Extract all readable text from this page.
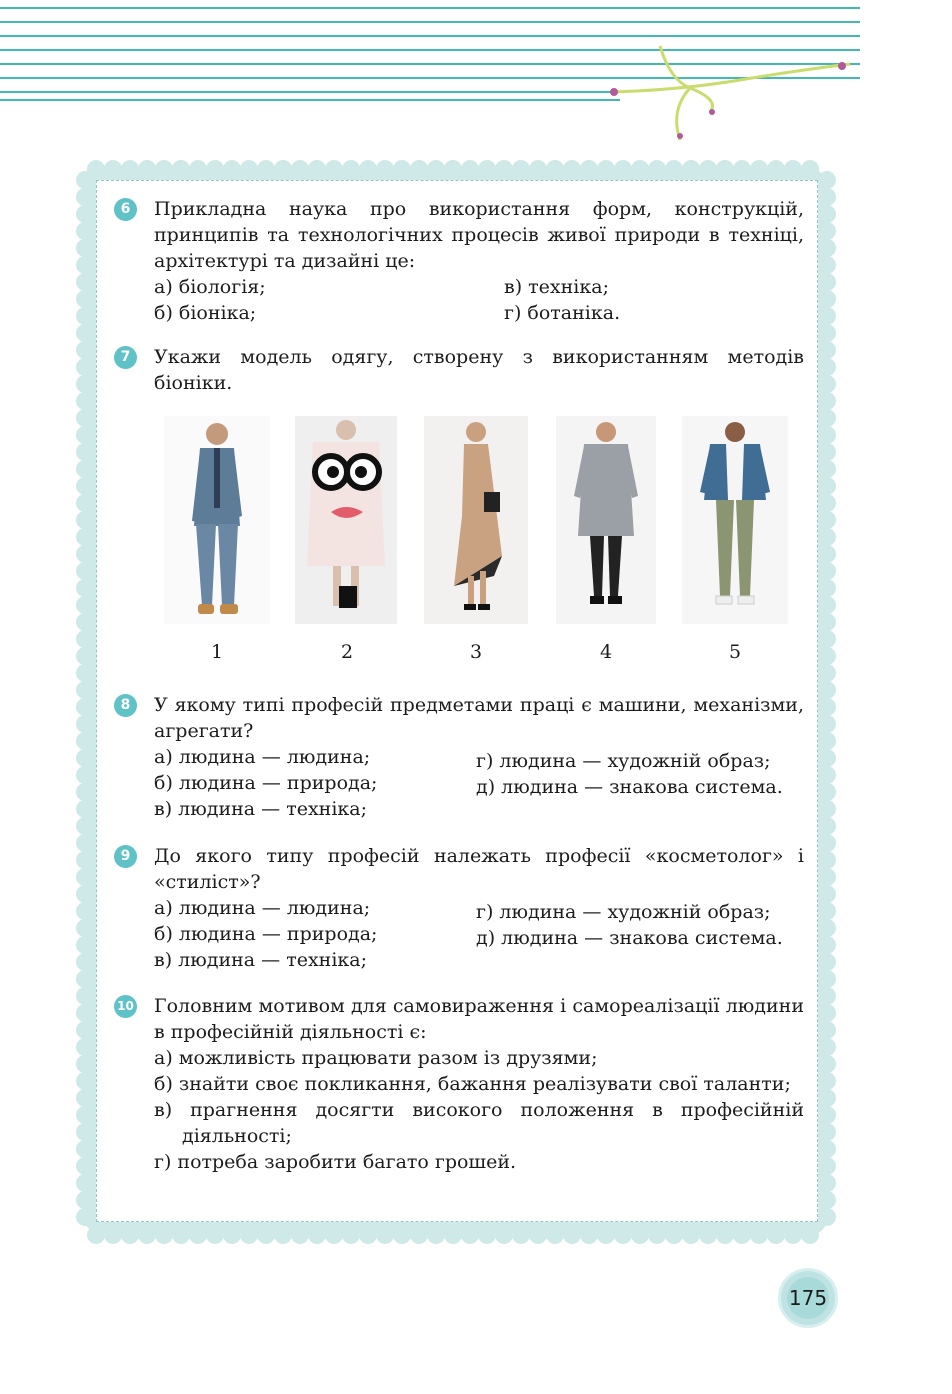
6	Прикладна наука про використання форм, конструкцій, принципів та технологічних процесів живої природи в техніці, архітектурі та дизайні це:
а) біологія;
б) біоніка;
в) техніка;
г) ботаніка.
7	Укажи модель одягу, створену з використанням методів біоніки.
1	2	3	4	5
8	У якому типі професій предметами праці є машини, механізми, агрегати?
а) людина — людина;
б) людина — природа;
в) людина — техніка;
г) людина — художній образ;
д) людина — знакова система.
9	До якого типу професій належать професії «косметолог» і «стиліст»?
а) людина — людина;
б) людина — природа;
в) людина — техніка;
г) людина — художній образ;
д) людина — знакова система.
10 Головним мотивом для самовираження і самореалізації людини в професійній діяльності є:
а) можливість працювати разом із друзями;
б) знайти своє покликання, бажання реалізувати свої таланти;
в) прагнення досягти високого положення в професійній діяльності;
г) потреба заробити багато грошей.
175
